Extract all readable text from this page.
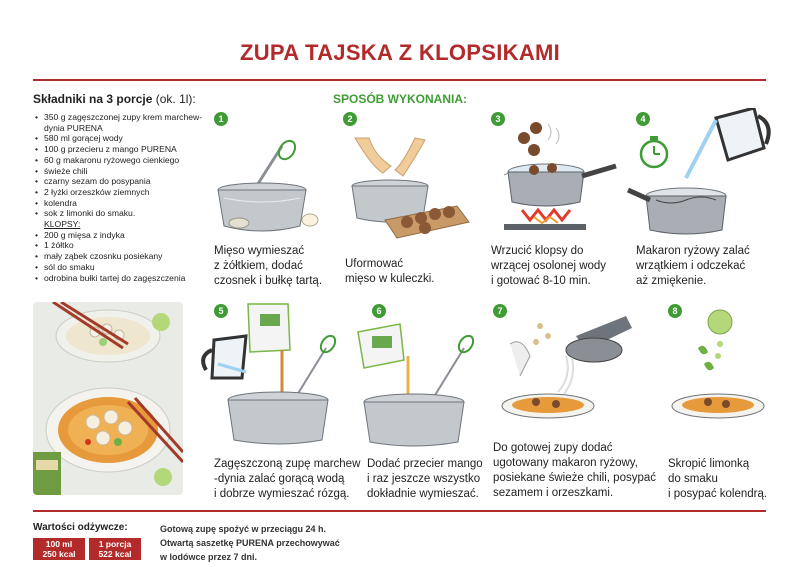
ZUPA TAJSKA Z KLOPSIKAMI
Składniki na 3 porcje (ok. 1l):
• 350 g zagęszczonej zupy krem marchew-dynia PURENA
• 580 ml gorącej wody
• 100 g przecieru z mango PURENA
• 60 g makaronu ryżowego cienkiego
• świeże chili
• czarny sezam do posypania
• 2 łyżki orzeszków ziemnych
• kolendra
• sok z limonki do smaku.
KLOPSY:
• 200 g mięsa z indyka
• 1 żółtko
• mały ząbek czosnku posiekany
• sól do smaku
• odrobina bułki tartej do zagęszczenia
SPOSÓB WYKONANIA:
1
Mięso wymieszać
z żółtkiem, dodać
czosnek i bułkę tartą.
2
Uformować
mięso w kuleczki.
3
Wrzucić klopsy do
wrzącej osolonej wody
i gotować 8-10 min.
4
Makaron ryżowy zalać
wrzątkiem i odczekać
aż zmiękenie.
5
Zagęszczoną zupę marchew
-dynia zalać gorącą wodą
i dobrze wymieszać rózgą.
6
Dodać przecier mango
i raz jeszcze wszystko
dokładnie wymieszać.
7
Do gotowej zupy dodać
ugotowany makaron ryżowy,
posiekane świeże chili, posypać
sezamem i orzeszkami.
8
Skropić limonką
do smaku
i posypać kolendrą.
Wartości odżywcze:
100 ml
250 kcal
1 porcja
522 kcal
Gotową zupę spożyć w przeciągu 24 h.
Otwartą saszetkę PURENA przechowywać
w lodówce przez 7 dni.
